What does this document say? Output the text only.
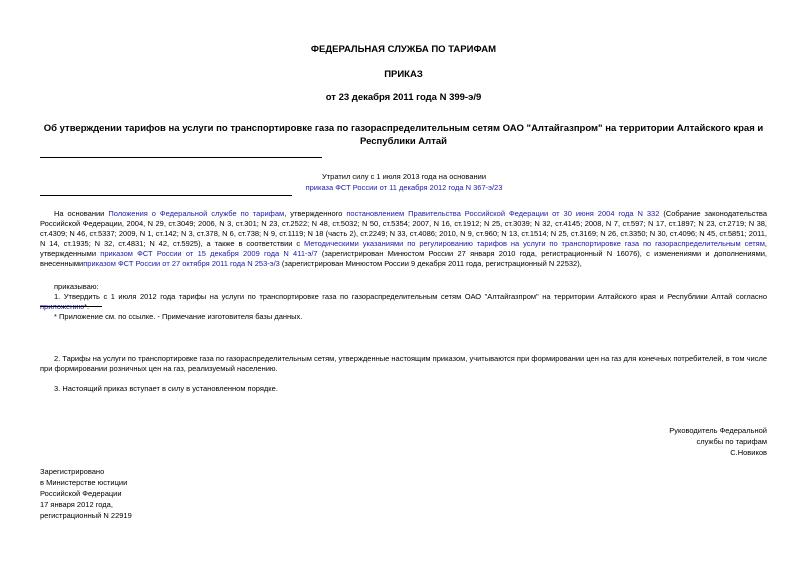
ФЕДЕРАЛЬНАЯ СЛУЖБА ПО ТАРИФАМ
ПРИКАЗ
от 23 декабря 2011 года N 399-э/9
Об утверждении тарифов на услуги по транспортировке газа по газораспределительным сетям ОАО "Алтайгазпром" на территории Алтайского края и Республики Алтай
Утратил силу с 1 июля 2013 года на основании
приказа ФСТ России от 11 декабря 2012 года N 367-э/23
На основании Положения о Федеральной службе по тарифам, утвержденного постановлением Правительства Российской Федерации от 30 июня 2004 года N 332 (Собрание законодательства Российской Федерации, 2004, N 29, ст.3049; 2006, N 3, ст.301; N 23, ст.2522; N 48, ст.5032; N 50, ст.5354; 2007, N 16, ст.1912; N 25, ст.3039; N 32, ст.4145; 2008, N 7, ст.597; N 17, ст.1897; N 23, ст.2719; N 38, ст.4309; N 46, ст.5337; 2009, N 1, ст.142; N 3, ст.378, N 6, ст.738; N 9, ст.1119; N 18 (часть 2), ст.2249; N 33, ст.4086; 2010, N 9, ст.960; N 13, ст.1514; N 25, ст.3169; N 26, ст.3350; N 30, ст.4096; N 45, ст.5851; 2011, N 14, ст.1935; N 32, ст.4831; N 42, ст.5925), а также в соответствии с Методическими указаниями по регулированию тарифов на услуги по транспортировке газа по газораспределительным сетям, утвержденными приказом ФСТ России от 15 декабря 2009 года N 411-э/7 (зарегистрирован Минюстом России 27 января 2010 года, регистрационный N 16076), с изменениями и дополнениями, внесеннымиприказом ФСТ России от 27 октября 2011 года N 253-э/3 (зарегистрирован Минюстом России 9 декабря 2011 года, регистрационный N 22532),
приказываю:
1. Утвердить с 1 июля 2012 года тарифы на услуги по транспортировке газа по газораспределительным сетям ОАО "Алтайгазпром" на территории Алтайского края и Республики Алтай согласно приложению*.
* Приложение см. по ссылке. - Примечание изготовителя базы данных.
2. Тарифы на услуги по транспортировке газа по газораспределительным сетям, утвержденные настоящим приказом, учитываются при формировании цен на газ для конечных потребителей, в том числе при формировании розничных цен на газ, реализуемый населению.
3. Настоящий приказ вступает в силу в установленном порядке.
Руководитель Федеральной
службы по тарифам
С.Новиков
Зарегистрировано
в Министерстве юстиции
Российской Федерации
17 января 2012 года,
регистрационный N 22919
